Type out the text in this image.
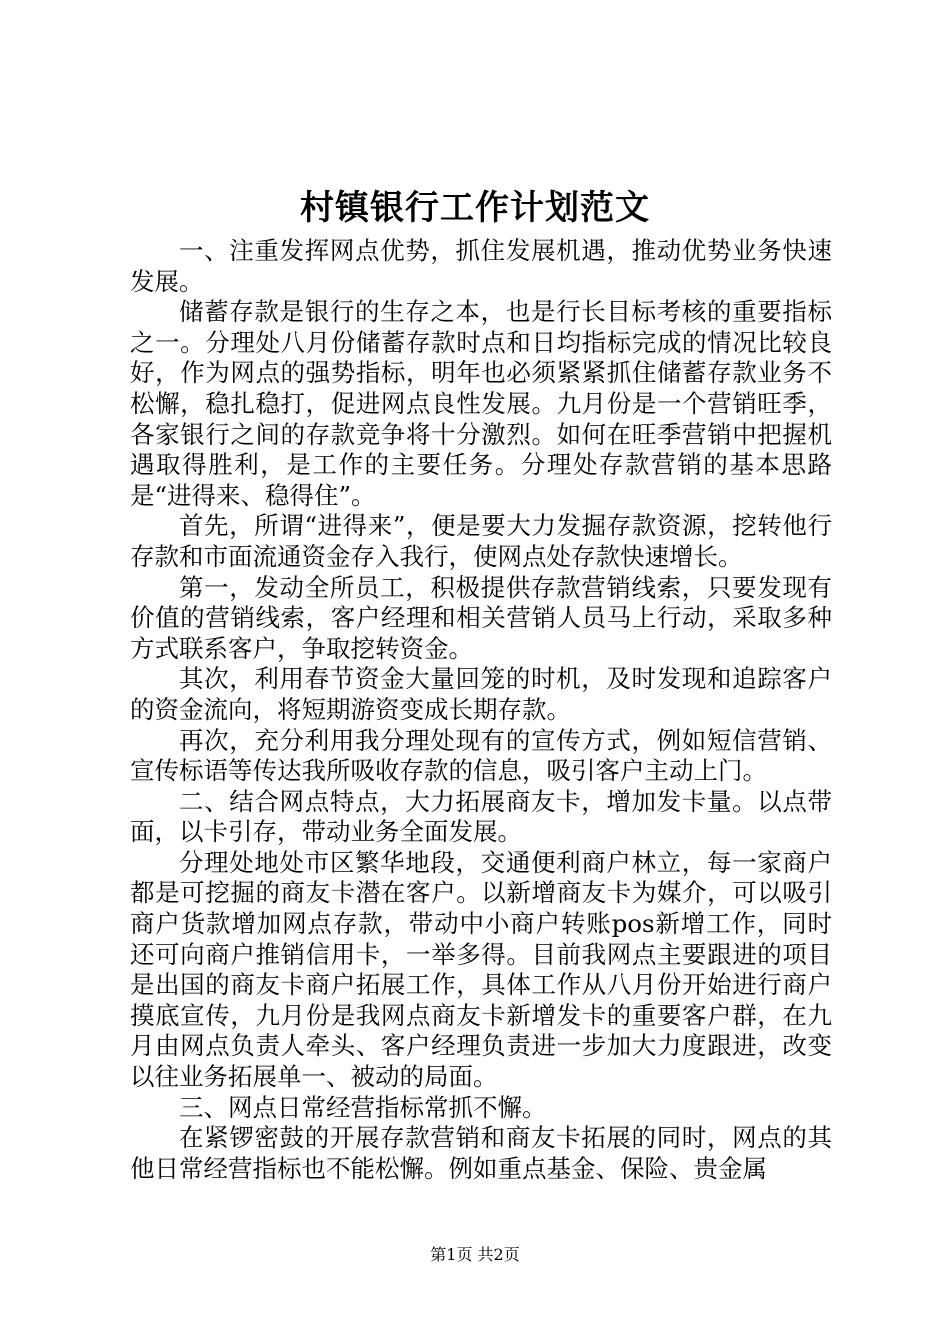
村镇银行工作计划范文

一、注重发挥网点优势，抓住发展机遇，推动优势业务快速发展。

储蓄存款是银行的生存之本，也是行长目标考核的重要指标之一。分理处八月份储蓄存款时点和日均指标完成的情况比较良好，作为网点的强势指标，明年也必须紧紧抓住储蓄存款业务不松懈，稳扎稳打，促进网点良性发展。九月份是一个营销旺季，各家银行之间的存款竞争将十分激烈。如何在旺季营销中把握机遇取得胜利，是工作的主要任务。分理处存款营销的基本思路是“进得来、稳得住”。

首先，所谓“进得来”，便是要大力发掘存款资源，挖转他行存款和市面流通资金存入我行，使网点处存款快速增长。

第一，发动全所员工，积极提供存款营销线索，只要发现有价值的营销线索，客户经理和相关营销人员马上行动，采取多种方式联系客户，争取挖转资金。

其次，利用春节资金大量回笼的时机，及时发现和追踪客户的资金流向，将短期游资变成长期存款。

再次，充分利用我分理处现有的宣传方式，例如短信营销、宣传标语等传达我所吸收存款的信息，吸引客户主动上门。

二、结合网点特点，大力拓展商友卡，增加发卡量。以点带面，以卡引存，带动业务全面发展。

分理处地处市区繁华地段，交通便利商户林立，每一家商户都是可挖掘的商友卡潜在客户。以新增商友卡为媒介，可以吸引商户货款增加网点存款，带动中小商户转账pos新增工作，同时还可向商户推销信用卡，一举多得。目前我网点主要跟进的项目是出国的商友卡商户拓展工作，具体工作从八月份开始进行商户摸底宣传，九月份是我网点商友卡新增发卡的重要客户群，在九月由网点负责人牵头、客户经理负责进一步加大力度跟进，改变以往业务拓展单一、被动的局面。

三、网点日常经营指标常抓不懈。

在紧锣密鼓的开展存款营销和商友卡拓展的同时，网点的其他日常经营指标也不能松懈。例如重点基金、保险、贵金属

第1页 共2页
